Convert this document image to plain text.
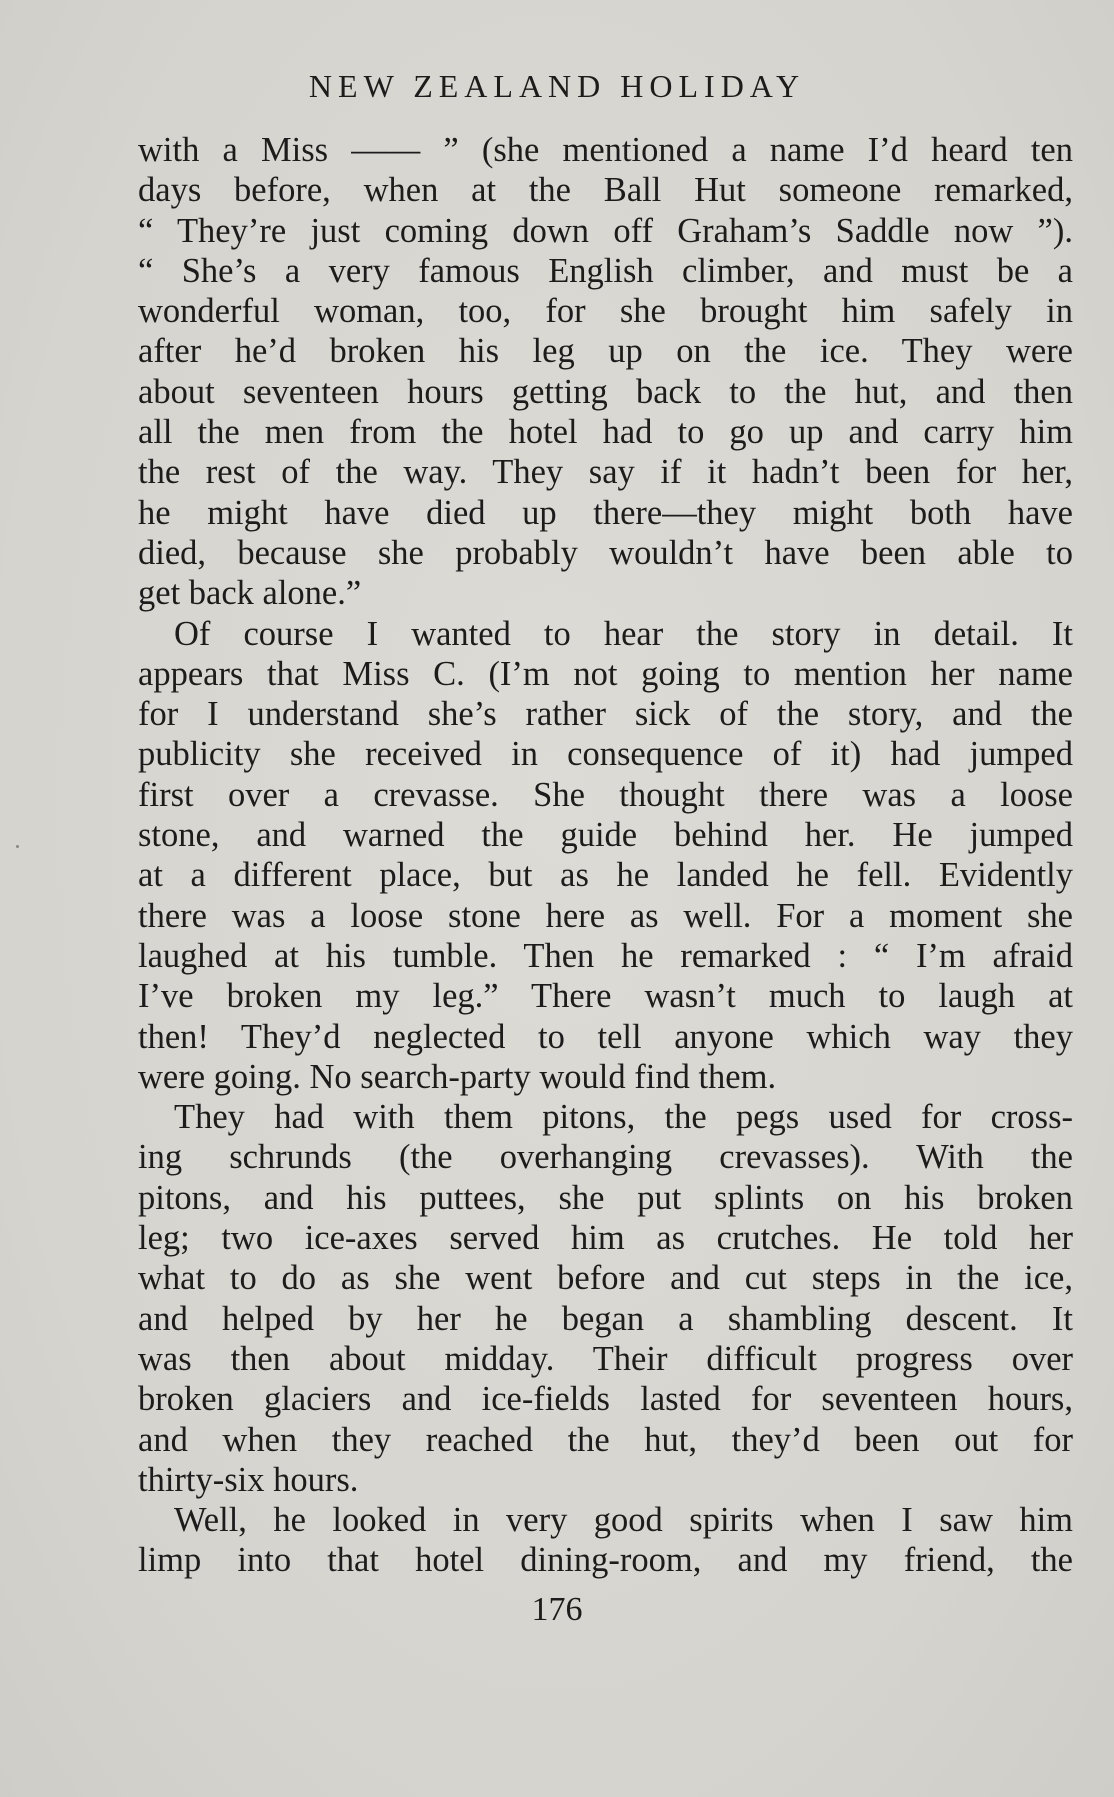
NEW ZEALAND HOLIDAY
with a Miss —— ” (she mentioned a name I’d heard ten
days before, when at the Ball Hut someone remarked,
“ They’re just coming down off Graham’s Saddle now ”).
“ She’s a very famous English climber, and must be a
wonderful woman, too, for she brought him safely in
after he’d broken his leg up on the ice. They were
about seventeen hours getting back to the hut, and then
all the men from the hotel had to go up and carry him
the rest of the way. They say if it hadn’t been for her,
he might have died up there—they might both have
died, because she probably wouldn’t have been able to
get back alone.”
Of course I wanted to hear the story in detail. It
appears that Miss C. (I’m not going to mention her name
for I understand she’s rather sick of the story, and the
publicity she received in consequence of it) had jumped
first over a crevasse. She thought there was a loose
stone, and warned the guide behind her. He jumped
at a different place, but as he landed he fell. Evidently
there was a loose stone here as well. For a moment she
laughed at his tumble. Then he remarked : “ I’m afraid
I’ve broken my leg.” There wasn’t much to laugh at
then! They’d neglected to tell anyone which way they
were going. No search-party would find them.
They had with them pitons, the pegs used for cross-
ing schrunds (the overhanging crevasses). With the
pitons, and his puttees, she put splints on his broken
leg; two ice-axes served him as crutches. He told her
what to do as she went before and cut steps in the ice,
and helped by her he began a shambling descent. It
was then about midday. Their difficult progress over
broken glaciers and ice-fields lasted for seventeen hours,
and when they reached the hut, they’d been out for
thirty-six hours.
Well, he looked in very good spirits when I saw him
limp into that hotel dining-room, and my friend, the
176
